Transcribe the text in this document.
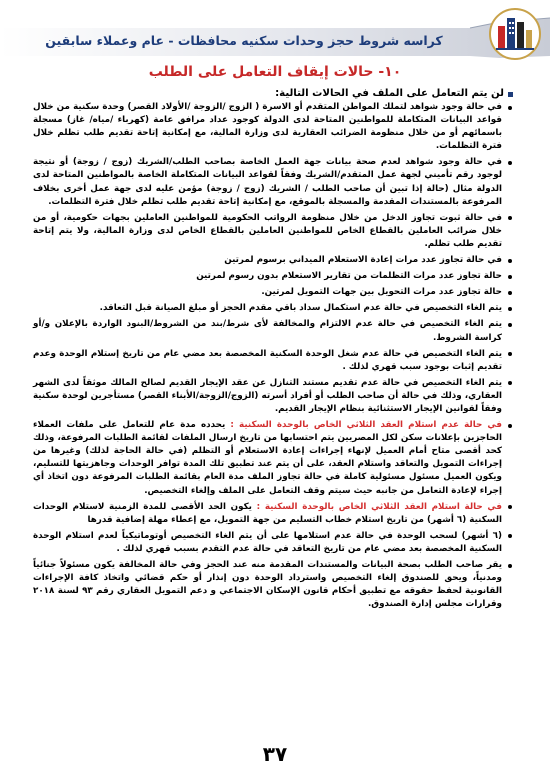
كراسه شروط حجز وحدات سكنيه محافظات - عام وعملاء سابقين
١٠- حالات إيقاف التعامل على الطلب
لن يتم التعامل على الملف في الحالات التالية:
في حالة وجود شواهد لتملك المواطن المتقدم أو الاسرة ( الزوج /الزوجة /الأولاد القصر) وحدة سكنية من خلال قواعد البيانات المتكاملة للمواطنين المتاحة لدى الدولة كوجود عداد مرافق عامة (كهرباء /مياه/ غاز) مسجلة باسمائهم أو من خلال منظومة الضرائب العقارية لدى وزارة المالية، مع إمكانية إتاحة تقديم طلب تظلم خلال فترة التظلمات.
في حالة وجود شواهد لعدم صحة بيانات جهة العمل الخاصة بصاحب الطلب/الشريك (زوج / زوجة) أو نتيجة لوجود رقم تأميني لجهة عمل المتقدم/الشريك وفقاً لقواعد البيانات المتكاملة الخاصة بالمواطنين المتاحة لدى الدولة مثال (حالة إذا تبين أن صاحب الطلب / الشريك (زوج / زوجة) مؤمن عليه لدى جهة عمل أخرى بخلاف المرفوعة بالمستندات المقدمة والمسجلة بالموقع، مع إمكانية إتاحة تقديم طلب تظلم خلال فترة التظلمات.
في حالة ثبوت تجاوز الدخل من خلال منظومة الرواتب الحكومية للمواطنين العاملين بجهات حكومية، أو من خلال ضرائب العاملين بالقطاع الخاص للمواطنين العاملين بالقطاع الخاص لدى وزارة المالية، ولا يتم إتاحة تقديم طلب تظلم.
في حالة تجاوز عدد مرات إعادة الاستعلام الميداني برسوم لمرتين
حالة تجاوز عدد مرات التظلمات من تقارير الاستعلام بدون رسوم لمرتين
حالة تجاوز عدد مرات التحويل بين جهات التمويل لمرتين.
يتم الغاء التخصيص في حالة عدم استكمال سداد باقي مقدم الحجز أو مبلغ الصيانة قبل التعاقد.
يتم الغاء التخصيص في حالة عدم الالتزام والمخالفة لأى شرط/بند من الشروط/البنود الواردة بالإعلان و/أو كراسة الشروط.
يتم الغاء التخصيص في حالة عدم شغل الوحدة السكنية المخصصة بعد مضي عام من تاريخ إستلام الوحدة وعدم تقديم إثبات بوجود سبب قهري لذلك .
يتم الغاء التخصيص في حالة عدم تقديم مستند التنازل عن عقد الإيجار القديم لصالح المالك موثقاً لدى الشهر العقاري، وذلك في حالة أن صاحب الطلب أو أفراد أسرته (الزوج/الزوجة/الأبناء القصر) مستأجرين لوحدة سكنية وفقاً لقوانين الإيجار الاستثنائية بنظام الإيجار القديم.
في حالة عدم استلام العقد الثلاثي الخاص بالوحدة السكنية : يحدده مدة عام للتعامل على ملفات العملاء الحاجزين بإعلانات سكن لكل المصريين يتم احتسابها من تاريخ ارسال الملفات لقائمة الطلبات المرفوعة، وذلك كحد أقصى متاح أمام العميل لإنهاء إجراءات إعادة الاستعلام أو التظلم (في حالة الحاجة لذلك) وغيرها من إجراءات التمويل والتعاقد واستلام العقد، على أن يتم عند تطبيق تلك المدة توافر الوحدات وجاهزيتها للتسليم، ويكون العميل مسئول مسئولية كاملة في حالة تجاوز الملف مدة العام بقائمة الطلبات المرفوعة دون اتخاذ أي إجراء لإعادة التعامل من جانبه حيث سيتم وقف التعامل على الملف وإلغاء التخصيص.
في حالة استلام العقد الثلاثي الخاص بالوحدة السكنية : يكون الحد الأقصى للمدة الزمنية لاستلام الوحدات السكنية (٦ أشهر) من تاريخ استلام خطاب التسليم من جهة التمويل، مع إعطاء مهلة إضافية قدرها
(٦ أشهر) لسحب الوحدة في حالة عدم استلامها على أن يتم الغاء التخصيص أوتوماتيكياً لعدم استلام الوحدة السكنية المخصصة بعد مضي عام من تاريخ التعاقد في حالة عدم التقدم بسبب قهري لذلك .
يقر صاحب الطلب بصحة البيانات والمستندات المقدمة منه عند الحجز وفي حالة المخالفة يكون مسئولاً جنائياً ومدنياً، ويحق للصندوق إلغاء التخصيص واسترداد الوحدة دون إنذار أو حكم قضائي واتخاذ كافة الإجراءات القانونية لحفظ حقوقه مع تطبيق أحكام قانون الإسكان الاجتماعي و دعم التمويل العقاري رقم ٩٣ لسنة ٢٠١٨ وقرارات مجلس إدارة الصندوق.
٣٧
